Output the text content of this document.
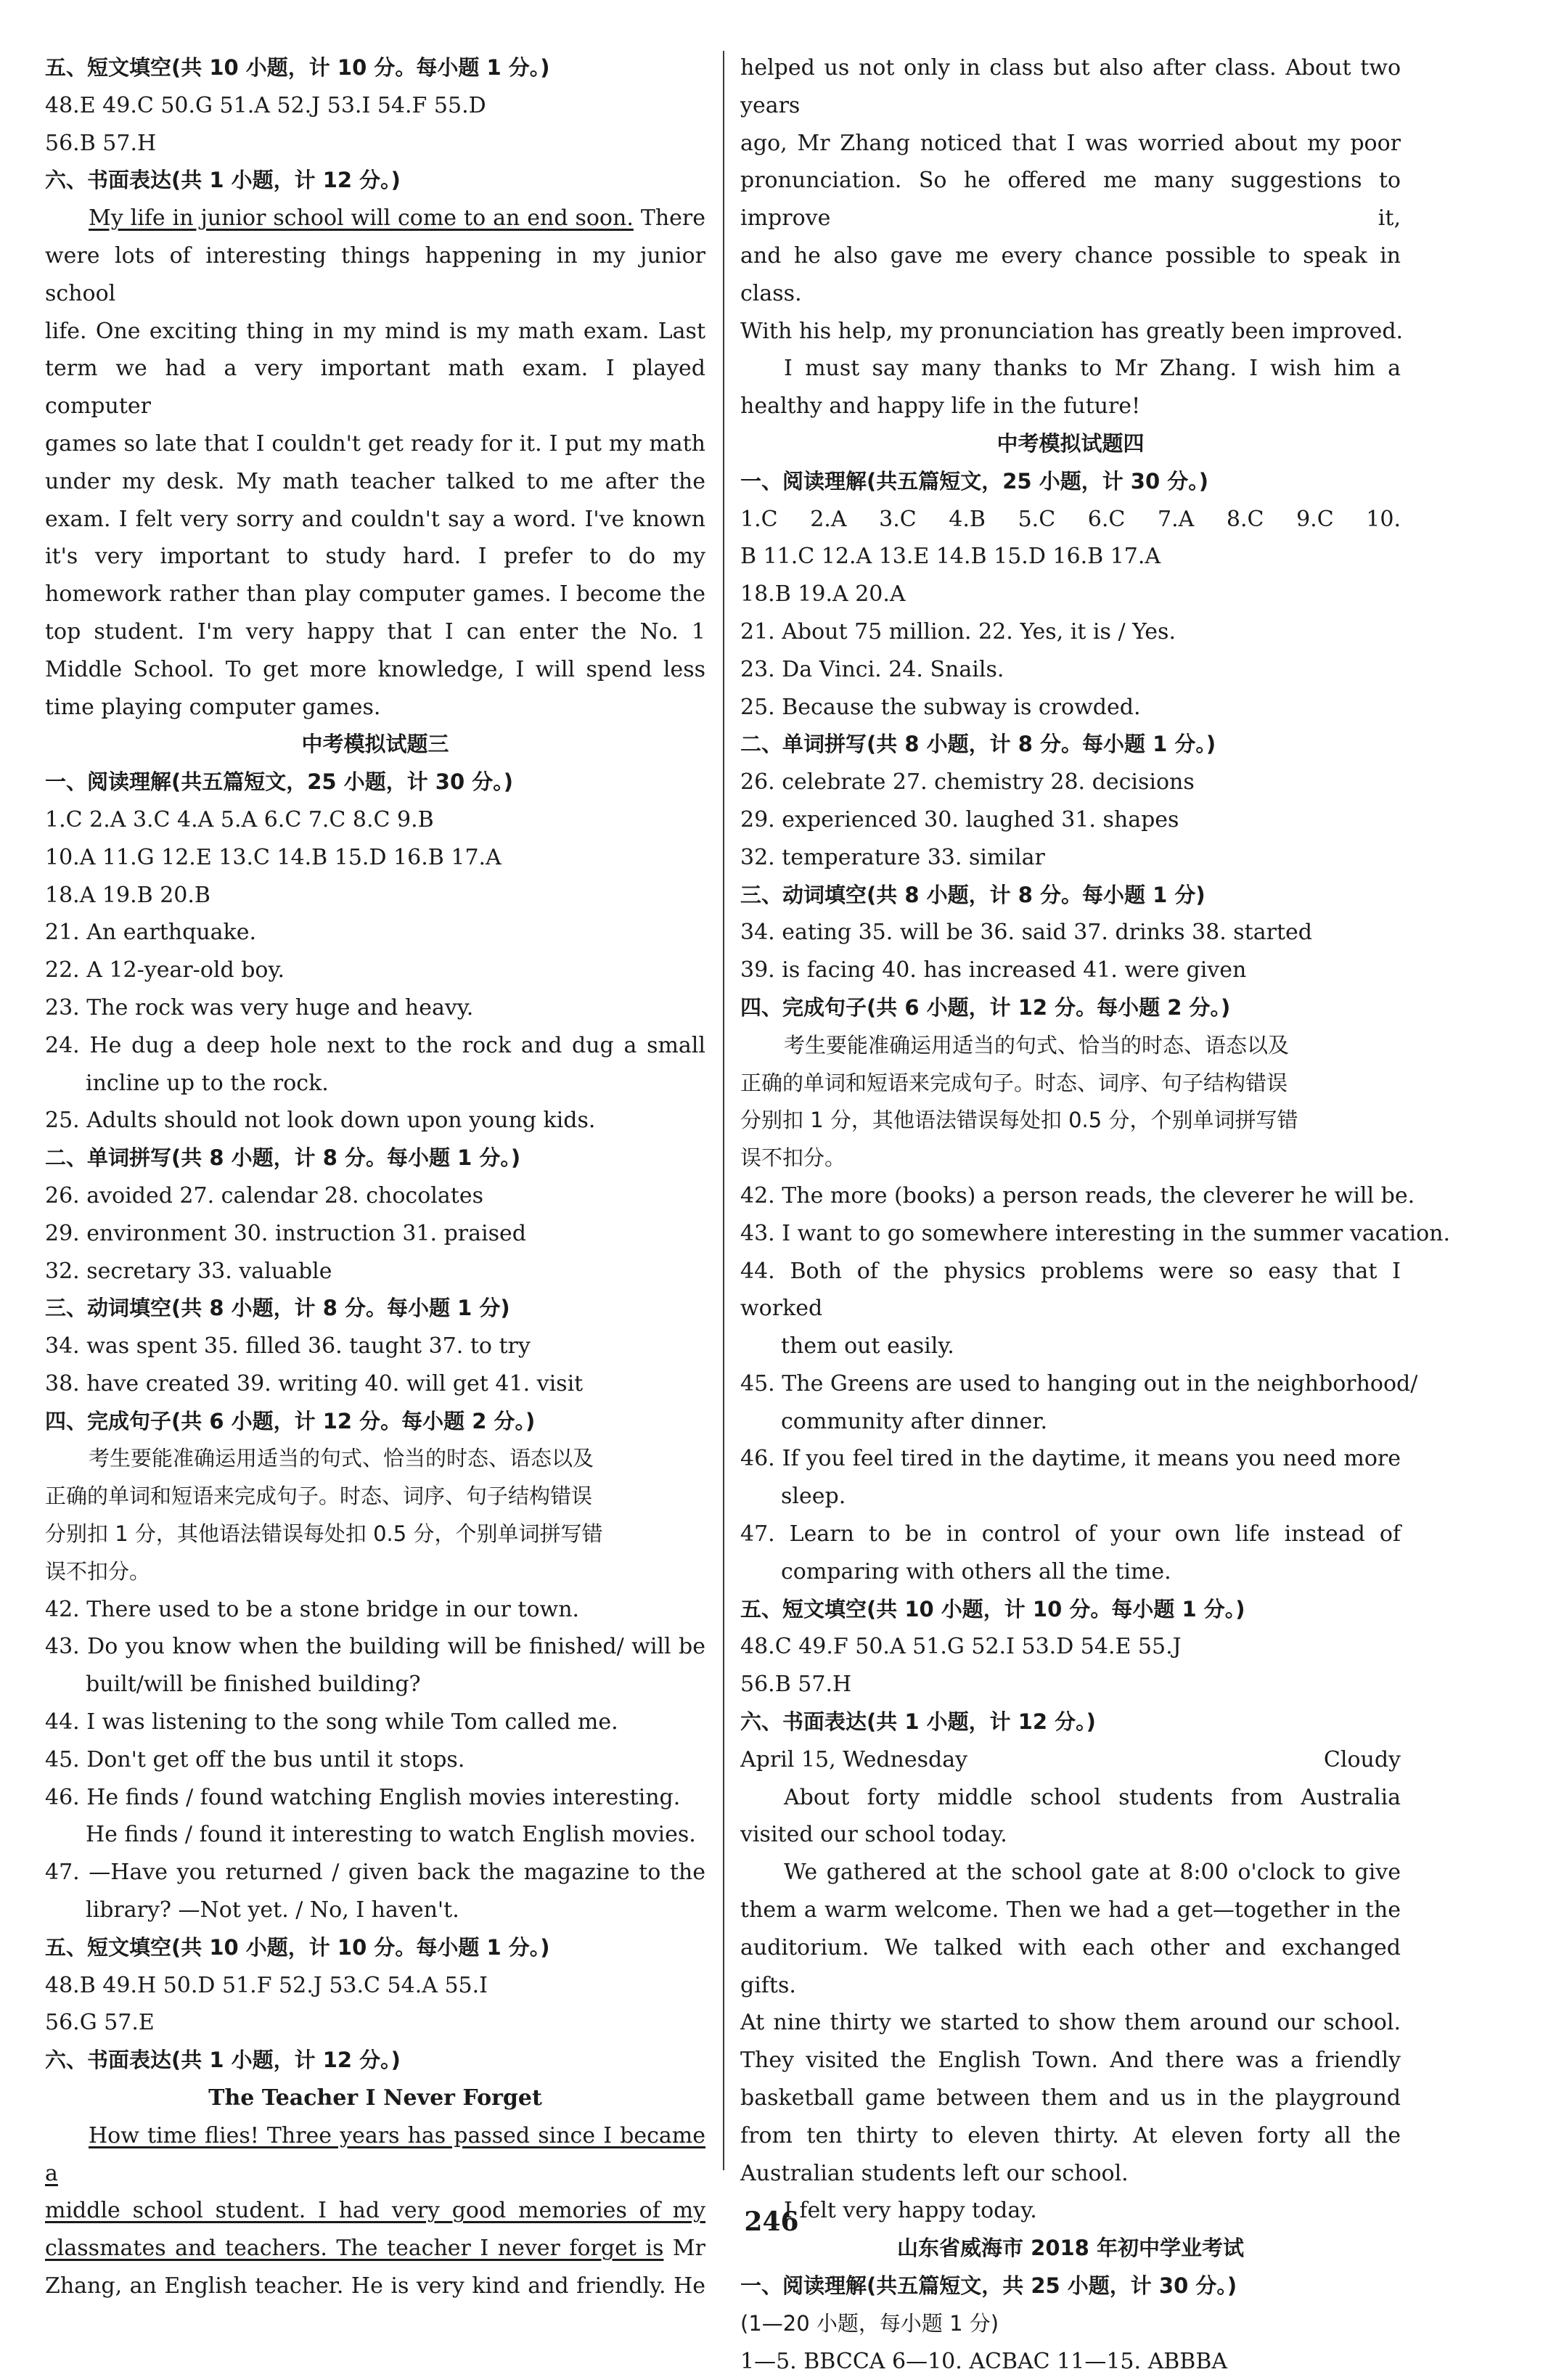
五、短文填空(共 10 小题，计 10 分。每小题 1 分。)
48.E 49.C 50.G 51.A 52.J 53.I 54.F 55.D
56.B 57.H
六、书面表达(共 1 小题，计 12 分。)
My life in junior school will come to an end soon. There
were lots of interesting things happening in my junior school
life. One exciting thing in my mind is my math exam. Last
term we had a very important math exam. I played computer
games so late that I couldn't get ready for it. I put my math
under my desk. My math teacher talked to me after the
exam. I felt very sorry and couldn't say a word. I've known
it's very important to study hard. I prefer to do my
homework rather than play computer games. I become the
top student. I'm very happy that I can enter the No. 1
Middle School. To get more knowledge, I will spend less
time playing computer games.
中考模拟试题三
一、阅读理解(共五篇短文，25 小题，计 30 分。)
1.C 2.A 3.C 4.A 5.A 6.C 7.C 8.C 9.B
10.A 11.G 12.E 13.C 14.B 15.D 16.B 17.A
18.A 19.B 20.B
21. An earthquake.
22. A 12-year-old boy.
23. The rock was very huge and heavy.
24. He dug a deep hole next to the rock and dug a small
incline up to the rock.
25. Adults should not look down upon young kids.
二、单词拼写(共 8 小题，计 8 分。每小题 1 分。)
26. avoided 27. calendar 28. chocolates
29. environment 30. instruction 31. praised
32. secretary 33. valuable
三、动词填空(共 8 小题，计 8 分。每小题 1 分)
34. was spent 35. filled 36. taught 37. to try
38. have created 39. writing 40. will get 41. visit
四、完成句子(共 6 小题，计 12 分。每小题 2 分。)
考生要能准确运用适当的句式、恰当的时态、语态以及
正确的单词和短语来完成句子。时态、词序、句子结构错误
分别扣 1 分，其他语法错误每处扣 0.5 分，个别单词拼写错
误不扣分。
42. There used to be a stone bridge in our town.
43. Do you know when the building will be finished/ will be
built/will be finished building?
44. I was listening to the song while Tom called me.
45. Don't get off the bus until it stops.
46. He finds / found watching English movies interesting.
He finds / found it interesting to watch English movies.
47. —Have you returned / given back the magazine to the
library? —Not yet. / No, I haven't.
五、短文填空(共 10 小题，计 10 分。每小题 1 分。)
48.B 49.H 50.D 51.F 52.J 53.C 54.A 55.I
56.G 57.E
六、书面表达(共 1 小题，计 12 分。)
The Teacher I Never Forget
How time flies! Three years has passed since I became a
middle school student. I had very good memories of my
classmates and teachers. The teacher I never forget is Mr
Zhang, an English teacher. He is very kind and friendly. He
helped us not only in class but also after class. About two years
ago, Mr Zhang noticed that I was worried about my poor
pronunciation. So he offered me many suggestions to improve it,
and he also gave me every chance possible to speak in class.
With his help, my pronunciation has greatly been improved.
I must say many thanks to Mr Zhang. I wish him a
healthy and happy life in the future!
中考模拟试题四
一、阅读理解(共五篇短文，25 小题，计 30 分。)
1.C 2.A 3.C 4.B 5.C 6.C 7.A 8.C 9.C 10.
B 11.C 12.A 13.E 14.B 15.D 16.B 17.A
18.B 19.A 20.A
21. About 75 million. 22. Yes, it is / Yes.
23. Da Vinci. 24. Snails.
25. Because the subway is crowded.
二、单词拼写(共 8 小题，计 8 分。每小题 1 分。)
26. celebrate 27. chemistry 28. decisions
29. experienced 30. laughed 31. shapes
32. temperature 33. similar
三、动词填空(共 8 小题，计 8 分。每小题 1 分)
34. eating 35. will be 36. said 37. drinks 38. started
39. is facing 40. has increased 41. were given
四、完成句子(共 6 小题，计 12 分。每小题 2 分。)
考生要能准确运用适当的句式、恰当的时态、语态以及
正确的单词和短语来完成句子。时态、词序、句子结构错误
分别扣 1 分，其他语法错误每处扣 0.5 分，个别单词拼写错
误不扣分。
42. The more (books) a person reads, the cleverer he will be.
43. I want to go somewhere interesting in the summer vacation.
44. Both of the physics problems were so easy that I worked
them out easily.
45. The Greens are used to hanging out in the neighborhood/
community after dinner.
46. If you feel tired in the daytime, it means you need more
sleep.
47. Learn to be in control of your own life instead of
comparing with others all the time.
五、短文填空(共 10 小题，计 10 分。每小题 1 分。)
48.C 49.F 50.A 51.G 52.I 53.D 54.E 55.J
56.B 57.H
六、书面表达(共 1 小题，计 12 分。)
April 15, Wednesday	Cloudy
About forty middle school students from Australia
visited our school today.
We gathered at the school gate at 8:00 o'clock to give
them a warm welcome. Then we had a get—together in the
auditorium. We talked with each other and exchanged gifts.
At nine thirty we started to show them around our school.
They visited the English Town. And there was a friendly
basketball game between them and us in the playground
from ten thirty to eleven thirty. At eleven forty all the
Australian students left our school.
I felt very happy today.
山东省威海市 2018 年初中学业考试
一、阅读理解(共五篇短文，共 25 小题，计 30 分。)
(1—20 小题，每小题 1 分)
1—5. BBCCA 6—10. ACBAC 11—15. ABBBA
246
